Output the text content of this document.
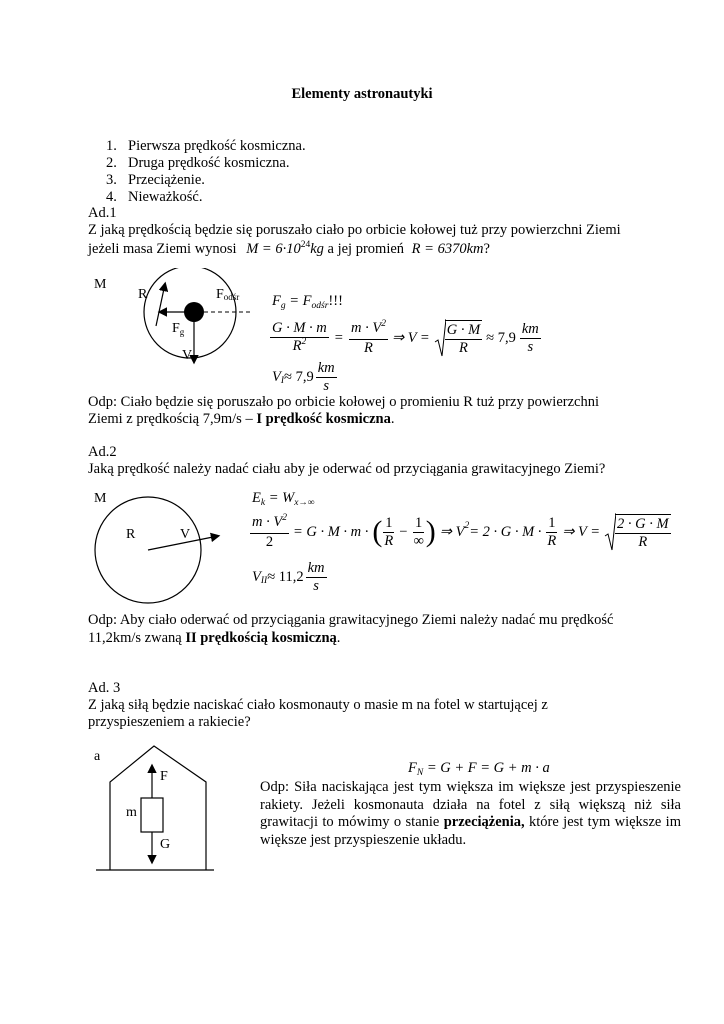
Elementy astronautyki
1. Pierwsza prędkość kosmiczna.
2. Druga prędkość kosmiczna.
3. Przeciążenie.
4. Nieważkość.
Ad.1
Z jaką prędkością będzie się poruszało ciało po orbicie kołowej tuż przy powierzchni Ziemi
jeżeli masa Ziemi wynosi $M = 6\cdot 10^{24}kg$ a jej promień R = 6370km?
M
R	Fodśr
$F_g$
V
$F_g = F_{odśr}$!!!
$\frac{G \cdot M \cdot m}{R^2} = \frac{m \cdot V^2}{R}$ ⇒ $V = \frac{G \cdot M}{R} \approx 7,9 \frac{km}{s}$
V $I \approx 7,9 \frac{km}{s}$
Odp: Ciało będzie się poruszało po orbicie kołowej o promieniu R tuż przy powierzchni
Ziemi z prędkością 7,9m/s – I prędkość kosmiczna.
Ad.2
Jaką prędkość należy nadać ciału aby je oderwać od przyciągania grawitacyjnego Ziemi?
M
R	V
$E_k = W_{x\to\infty}$
$\frac{m \cdot V^2}{2} = G \cdot M \cdot m$ · ( $\frac{1}{R} - \frac{1}{\infty}$ ) ⇒ V $2 = 2 \cdot G \cdot M \cdot \frac{1}{R}$ ⇒ $V = \frac{2 \cdot G \cdot M}{R}$
V II ≈ $11,2 \frac{km}{s}$
Odp: Aby ciało oderwać od przyciągania grawitacyjnego Ziemi należy nadać mu prędkość
11,2km/s zwaną II prędkością kosmiczną.
Ad. 3
Z jaką siłą będzie naciskać ciało kosmonauty o masie m na fotel w startującej z
przyspieszeniem a rakiecie?
a
F
m
G
$F_N = G + F = G + m \cdot a$
Odp: Siła naciskająca jest tym większa im większe jest przyspieszenie rakiety. Jeżeli kosmonauta działa na fotel z siłą większą niż siła grawitacji to mówimy o stanie przeciążenia, które jest tym większe im większe jest przyspieszenie układu.
